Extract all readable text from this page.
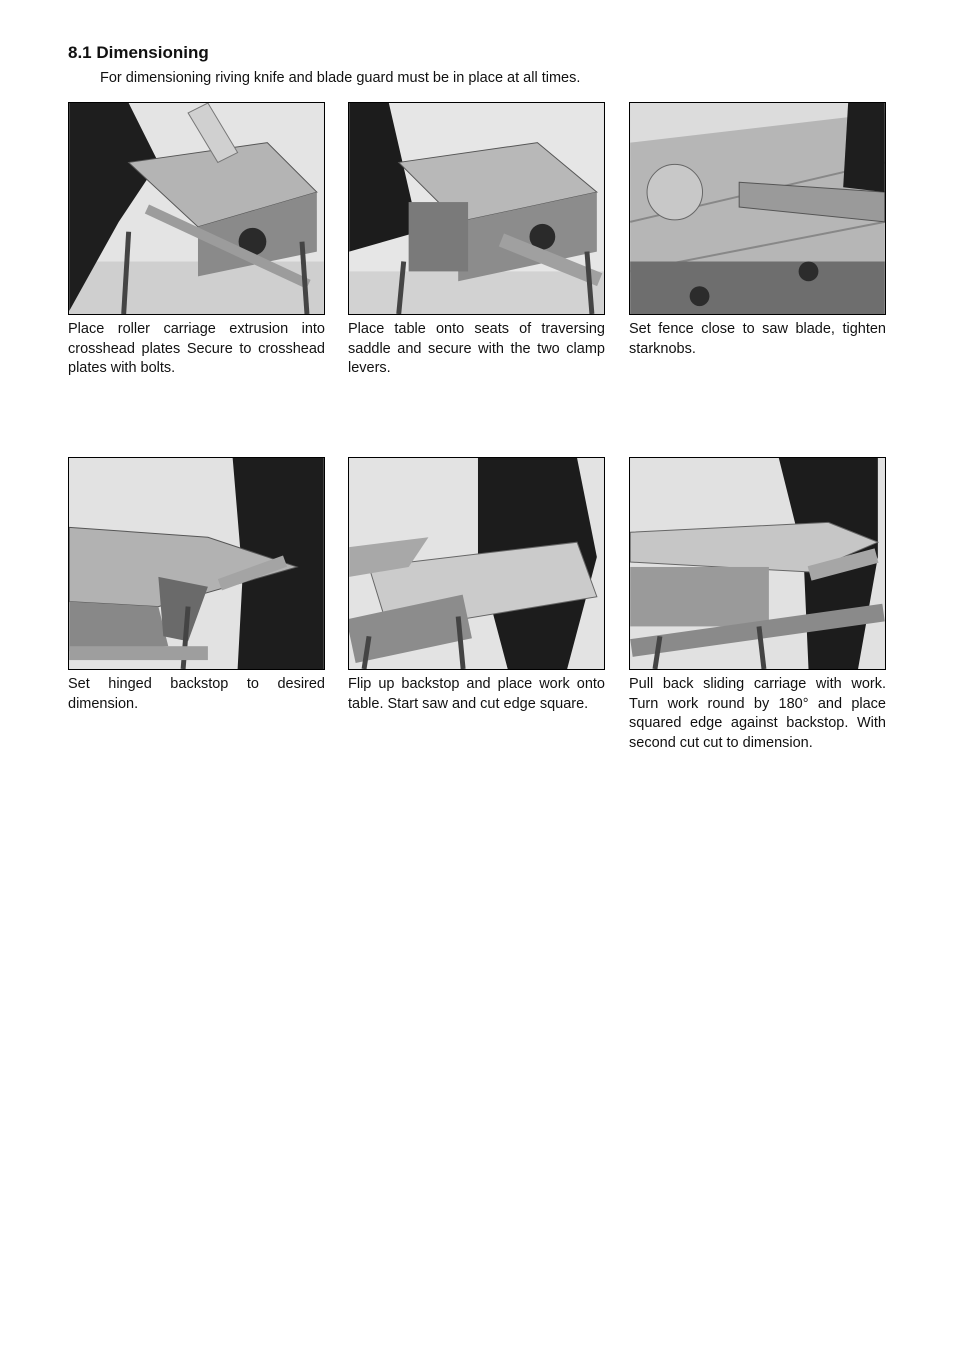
8.1 Dimensioning

For dimensioning riving knife and blade guard must be in place at all times.

Place roller carriage extrusion into crosshead plates Secure to crosshead plates with bolts.
Place table onto seats of traversing saddle and secure with the two clamp levers.
Set fence close to saw blade, tighten starknobs.
Set hinged backstop to desired dimension.
Flip up backstop and place work onto table. Start saw and cut edge square.
Pull back sliding carriage with work. Turn work round by 180° and place squared edge against backstop. With second cut cut to dimension.
